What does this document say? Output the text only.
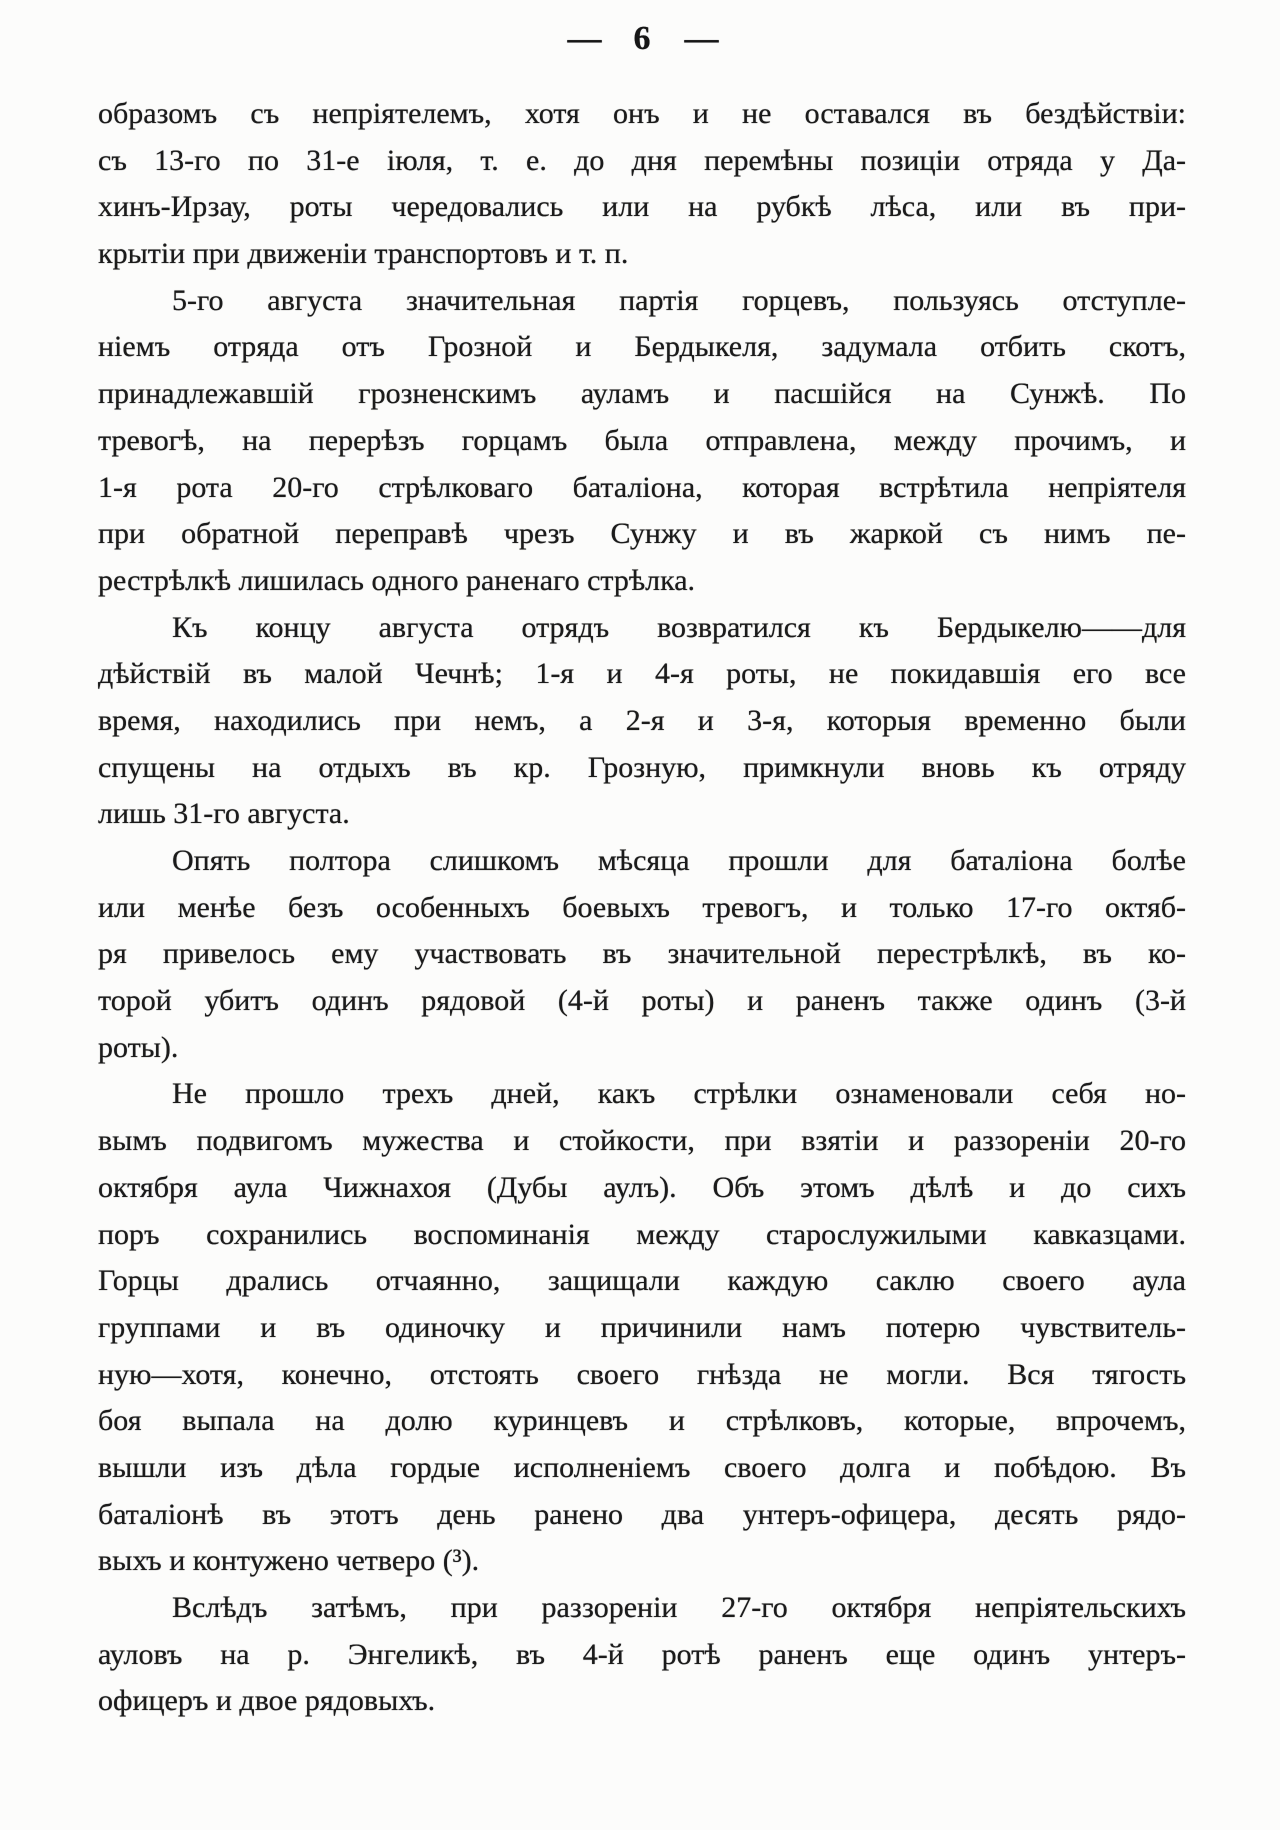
— 6 —
образомъ съ непріятелемъ, хотя онъ и не оставался въ бездѣйствіи:
съ 13-го по 31-е іюля, т. е. до дня перемѣны позиціи отряда у Да-
хинъ-Ирзау, роты чередовались или на рубкѣ лѣса, или въ при-
крытіи при движеніи транспортовъ и т. п.
5-го августа значительная партія горцевъ, пользуясь отступле-
ніемъ отряда отъ Грозной и Бердыкеля, задумала отбить скотъ,
принадлежавшій грозненскимъ ауламъ и пасшійся на Сунжѣ. По
тревогѣ, на перерѣзъ горцамъ была отправлена, между прочимъ, и
1-я рота 20-го стрѣлковаго баталіона, которая встрѣтила непріятеля
при обратной переправѣ чрезъ Сунжу и въ жаркой съ нимъ пе-
рестрѣлкѣ лишилась одного раненаго стрѣлка.
Къ концу августа отрядъ возвратился къ Бердыкелю——для
дѣйствій въ малой Чечнѣ; 1-я и 4-я роты, не покидавшія его все
время, находились при немъ, а 2-я и 3-я, которыя временно были
спущены на отдыхъ въ кр. Грозную, примкнули вновь къ отряду
лишь 31-го августа.
Опять полтора слишкомъ мѣсяца прошли для баталіона болѣе
или менѣе безъ особенныхъ боевыхъ тревогъ, и только 17-го октяб-
ря привелось ему участвовать въ значительной перестрѣлкѣ, въ ко-
торой убитъ одинъ рядовой (4-й роты) и раненъ также одинъ (3-й
роты).
Не прошло трехъ дней, какъ стрѣлки ознаменовали себя но-
вымъ подвигомъ мужества и стойкости, при взятіи и раззореніи 20-го
октября аула Чижнахоя (Дубы аулъ). Объ этомъ дѣлѣ и до сихъ
поръ сохранились воспоминанія между старослужилыми кавказцами.
Горцы дрались отчаянно, защищали каждую саклю своего аула
группами и въ одиночку и причинили намъ потерю чувствитель-
ную—хотя, конечно, отстоять своего гнѣзда не могли. Вся тягость
боя выпала на долю куринцевъ и стрѣлковъ, которые, впрочемъ,
вышли изъ дѣла гордые исполненіемъ своего долга и побѣдою. Въ
баталіонѣ въ этотъ день ранено два унтеръ-офицера, десять рядо-
выхъ и контужено четверо (³).
Вслѣдъ затѣмъ, при раззореніи 27-го октября непріятельскихъ
ауловъ на р. Энгеликѣ, въ 4-й ротѣ раненъ еще одинъ унтеръ-
офицеръ и двое рядовыхъ.
